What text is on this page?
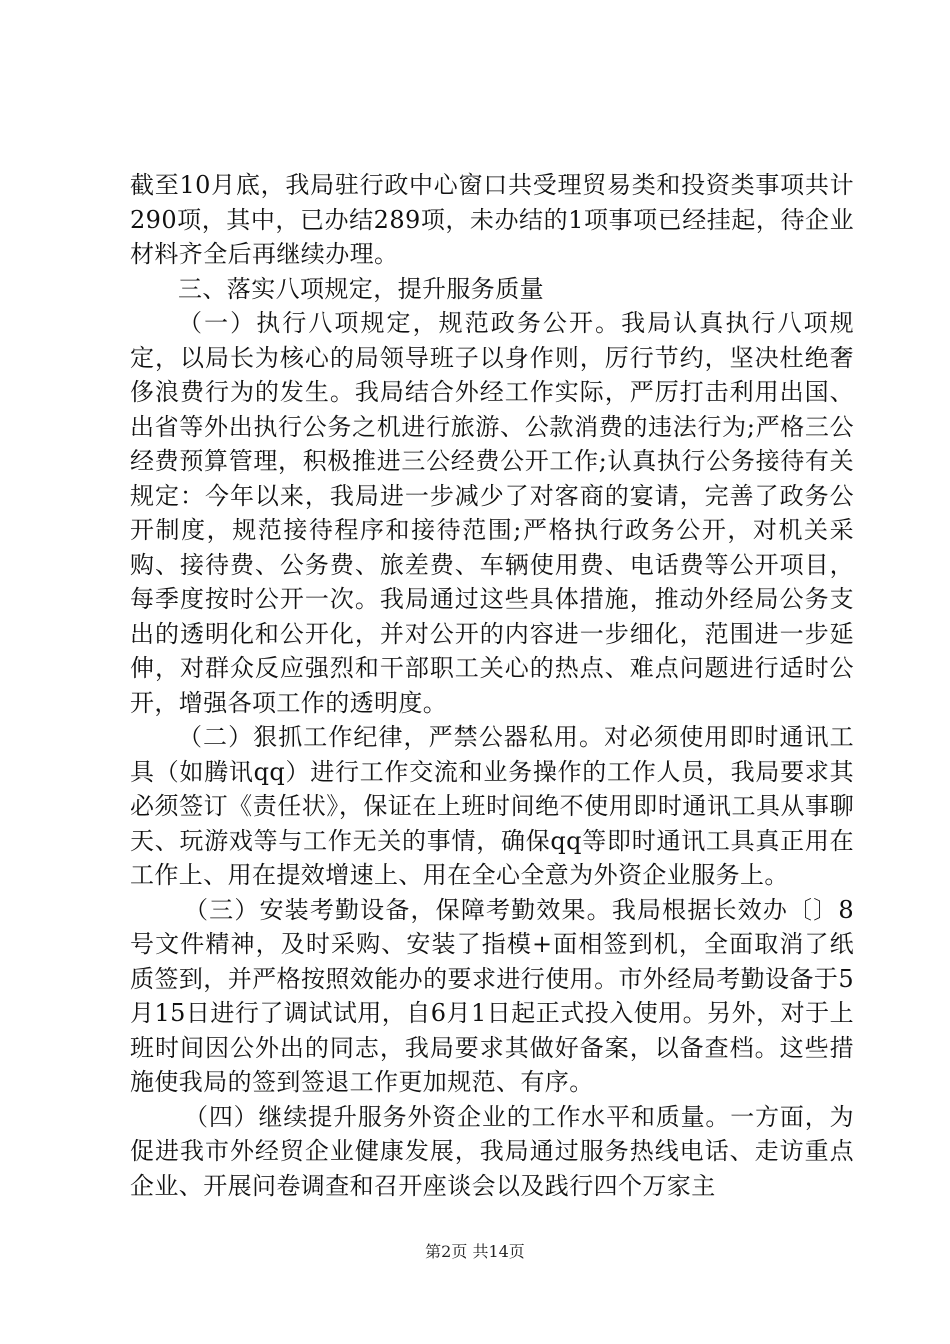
截至10月底，我局驻行政中心窗口共受理贸易类和投资类事项共计290项，其中，已办结289项，未办结的1项事项已经挂起，待企业材料齐全后再继续办理。

三、落实八项规定，提升服务质量

（一）执行八项规定，规范政务公开。我局认真执行八项规定，以局长为核心的局领导班子以身作则，厉行节约，坚决杜绝奢侈浪费行为的发生。我局结合外经工作实际，严厉打击利用出国、出省等外出执行公务之机进行旅游、公款消费的违法行为;严格三公经费预算管理，积极推进三公经费公开工作;认真执行公务接待有关规定：今年以来，我局进一步减少了对客商的宴请，完善了政务公开制度，规范接待程序和接待范围;严格执行政务公开，对机关采购、接待费、公务费、旅差费、车辆使用费、电话费等公开项目，每季度按时公开一次。我局通过这些具体措施，推动外经局公务支出的透明化和公开化，并对公开的内容进一步细化，范围进一步延伸，对群众反应强烈和干部职工关心的热点、难点问题进行适时公开，增强各项工作的透明度。

（二）狠抓工作纪律，严禁公器私用。对必须使用即时通讯工具（如腾讯qq）进行工作交流和业务操作的工作人员，我局要求其必须签订《责任状》，保证在上班时间绝不使用即时通讯工具从事聊天、玩游戏等与工作无关的事情，确保qq等即时通讯工具真正用在工作上、用在提效增速上、用在全心全意为外资企业服务上。

（三）安装考勤设备，保障考勤效果。我局根据长效办〔〕8号文件精神，及时采购、安装了指模+面相签到机，全面取消了纸质签到，并严格按照效能办的要求进行使用。市外经局考勤设备于5月15日进行了调试试用，自6月1日起正式投入使用。另外，对于上班时间因公外出的同志，我局要求其做好备案，以备查档。这些措施使我局的签到签退工作更加规范、有序。

（四）继续提升服务外资企业的工作水平和质量。一方面，为促进我市外经贸企业健康发展，我局通过服务热线电话、走访重点企业、开展问卷调查和召开座谈会以及践行四个万家主

第2页 共14页
